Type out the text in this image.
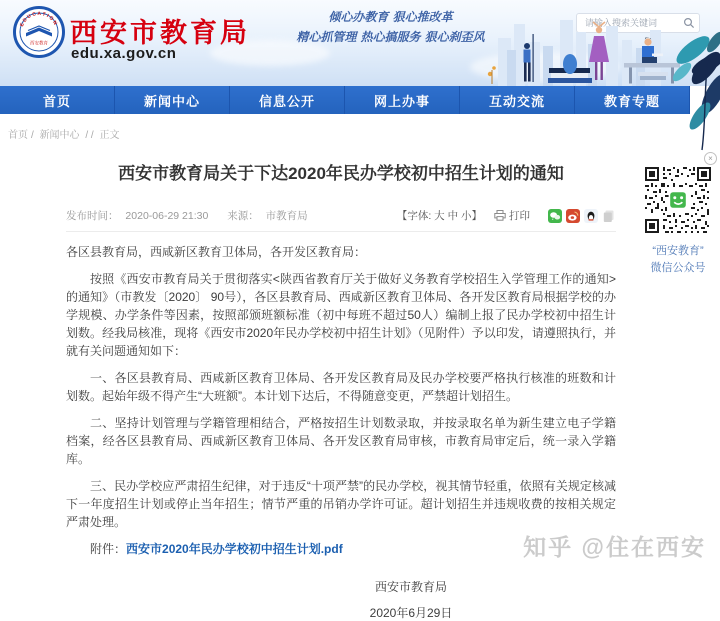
E D U C A T I O N
西安教育 西安市教育局
edu.xa.gov.cn
倾心办教育 狠心推改革
精心抓管理 热心搞服务 狠心刹歪风
请输入搜索关键词
首页	新闻中心	信息公开	网上办事	互动交流	教育专题
首页 / 新闻中心 / / 正文
西安市教育局关于下达2020年民办学校初中招生计划的通知
发布时间： 2020-06-29 21:30 来源： 市教育局	【字体: 大 中 小】	打印

各区县教育局，西咸新区教育卫体局，各开发区教育局：

按照《西安市教育局关于贯彻落实<陕西省教育厅关于做好义务教育学校招生入学管理工作的通知>的通知》（市教发〔2020〕 90号），各区县教育局、西咸新区教育卫体局、各开发区教育局根据学校的办学规模、办学条件等因素，按照部颁班额标准（初中每班不超过50人）编制上报了民办学校初中招生计划数。经我局核准，现将《西安市2020年民办学校初中招生计划》（见附件）予以印发，请遵照执行，并就有关问题通知如下：

一、各区县教育局、西咸新区教育卫体局、各开发区教育局及民办学校要严格执行核准的班数和计划数。起始年级不得产生“大班额”。本计划下达后，不得随意变更，严禁超计划招生。

二、坚持计划管理与学籍管理相结合，严格按招生计划数录取，并按录取名单为新生建立电子学籍档案，经各区县教育局、西咸新区教育卫体局、各开发区教育局审核，市教育局审定后，统一录入学籍库。

三、民办学校应严肃招生纪律，对于违反“十项严禁”的民办学校，视其情节轻重，依照有关规定核减下一年度招生计划或停止当年招生；情节严重的吊销办学许可证。超计划招生并违规收费的按相关规定严肃处理。

附件：西安市2020年民办学校初中招生计划.pdf
西安市教育局
2020年6月29日
×
“西安教育”
微信公众号
知乎 @住在西安
